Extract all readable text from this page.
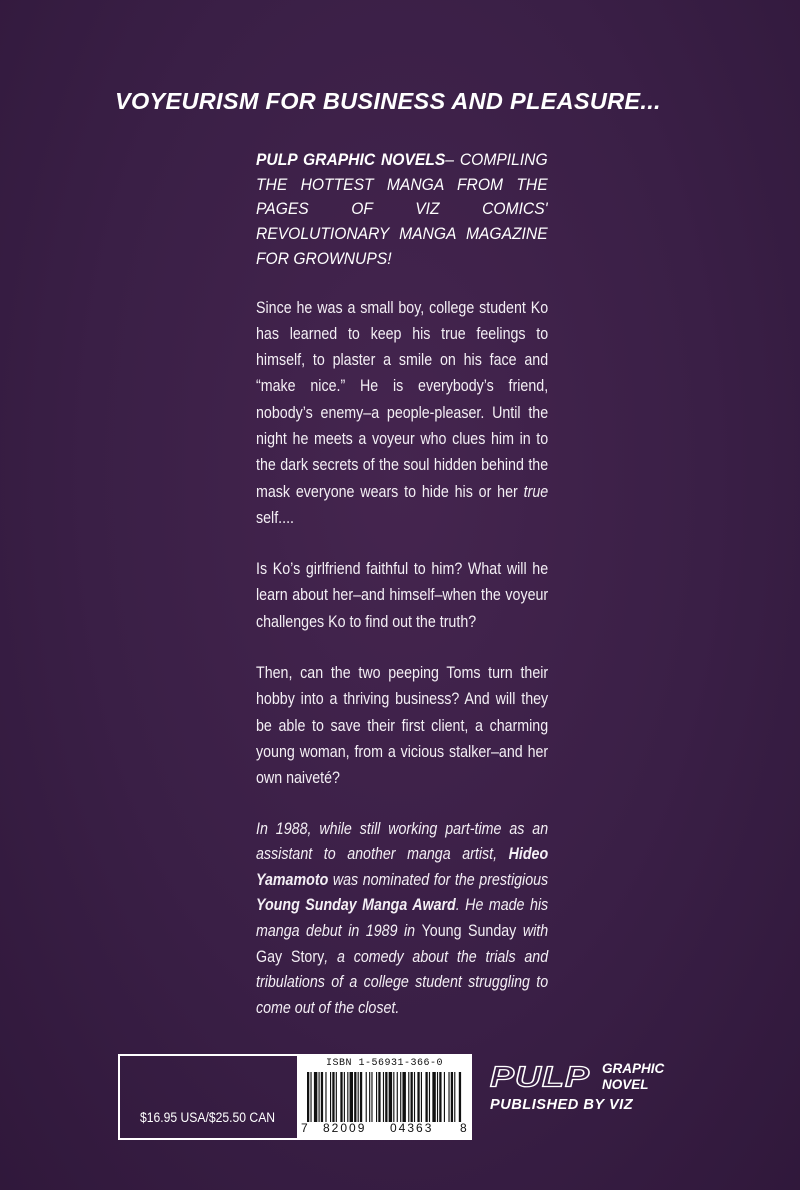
VOYEURISM FOR BUSINESS AND PLEASURE...

PULP GRAPHIC NOVELS– COMPILING THE HOTTEST MANGA FROM THE PAGES OF VIZ COMICS' REVOLUTIONARY MANGA MAGAZINE FOR GROWNUPS!

Since he was a small boy, college student Ko has learned to keep his true feelings to himself, to plaster a smile on his face and “make nice.” He is everybody’s friend, nobody’s enemy–a people-pleaser. Until the night he meets a voyeur who clues him in to the dark secrets of the soul hidden behind the mask everyone wears to hide his or her true self....

Is Ko’s girlfriend faithful to him? What will he learn about her–and himself–when the voyeur challenges Ko to find out the truth?

Then, can the two peeping Toms turn their hobby into a thriving business? And will they be able to save their first client, a charming young woman, from a vicious stalker–and her own naiveté?

In 1988, while still working part-time as an assistant to another manga artist, Hideo Yamamoto was nominated for the prestigious Young Sunday Manga Award. He made his manga debut in 1989 in Young Sunday with Gay Story, a comedy about the trials and tribulations of a college student struggling to come out of the closet.

$16.95 USA/$25.50 CAN
ISBN 1-56931-366-0
7 82009 04363 8
PULP GRAPHIC
NOVEL
PUBLISHED BY VIZ
